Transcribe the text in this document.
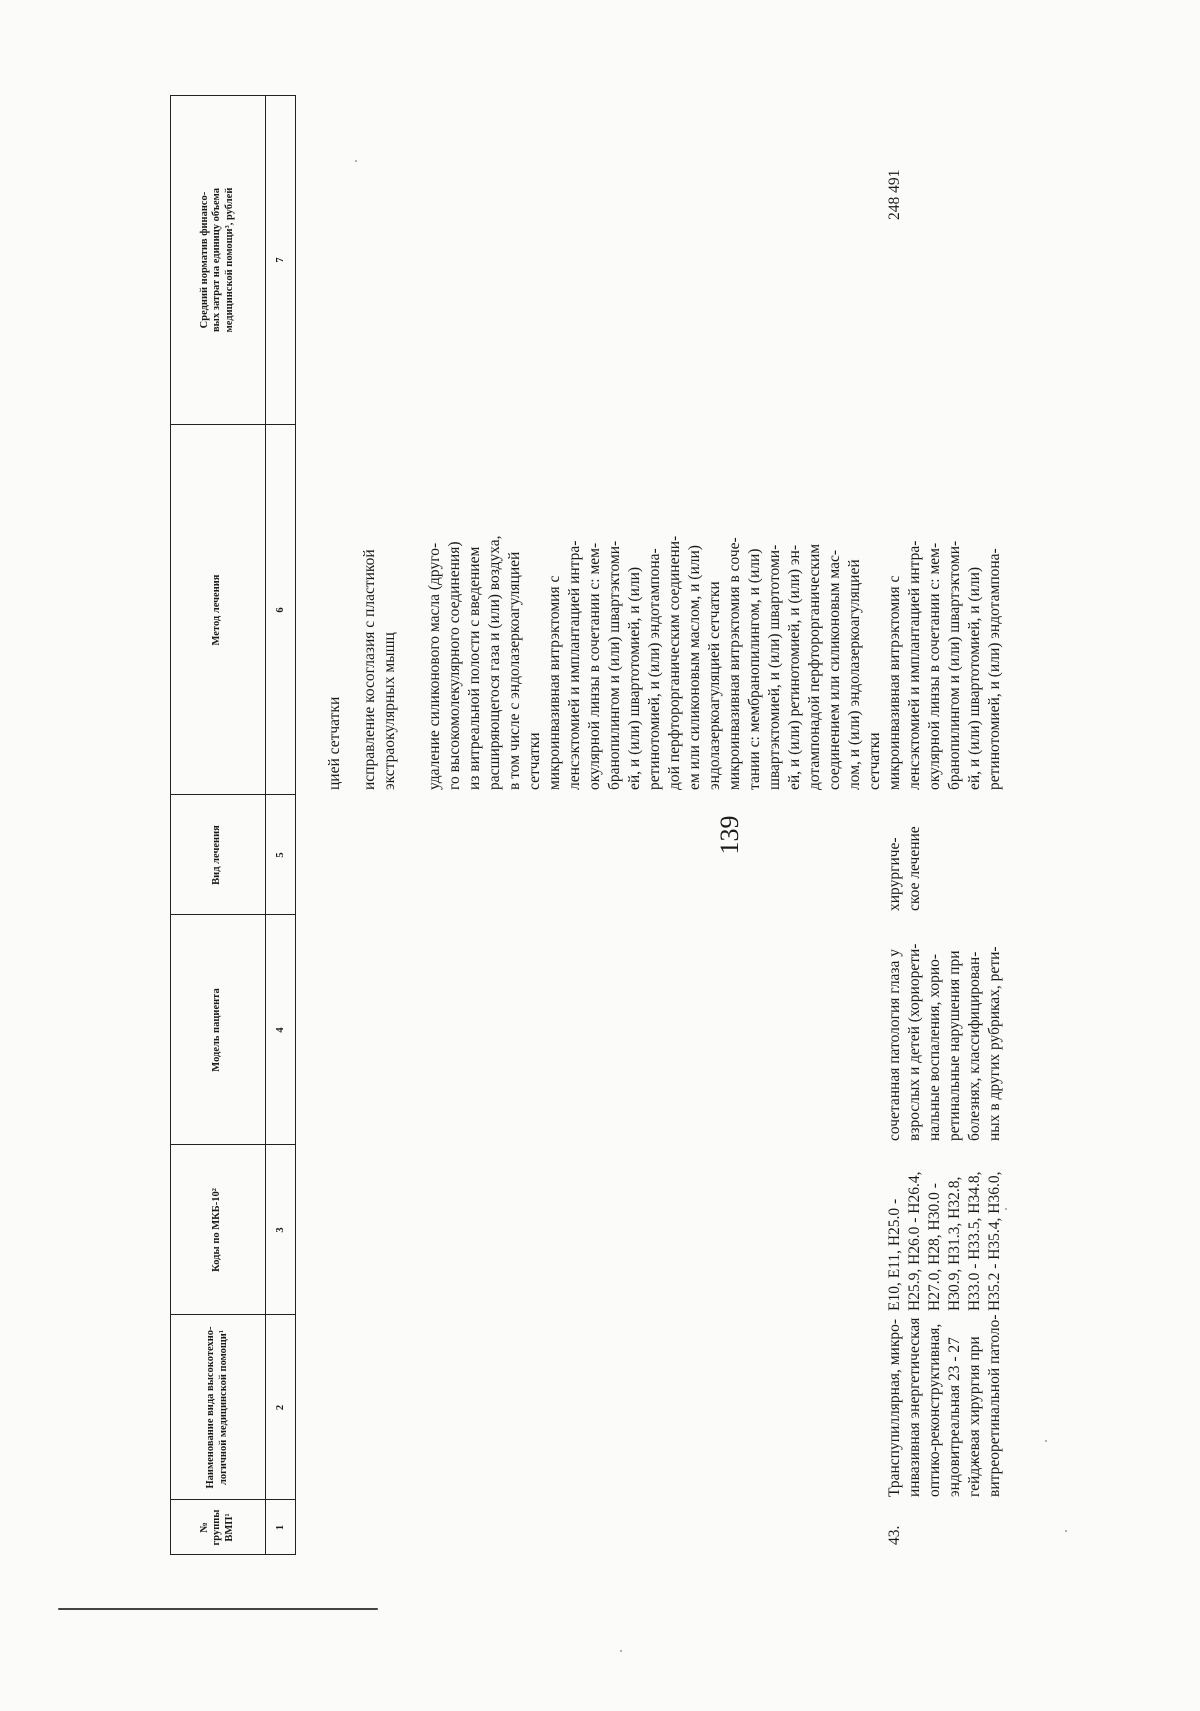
139
№
группы
ВМП¹
Наименование вида высокотехно-
логичной медицинской помощи¹
Коды по МКБ-10²
Модель пациента
Вид лечения
Метод лечения
Средний норматив финансо-
вых затрат на единицу объема
медицинской помощи³, рублей
1
2
3
4
5
6
7
цией сетчатки исправление косоглазия с пластикой
экстраокулярных мышц
удаление силиконового масла (друго-
го высокомолекулярного соединения)
из витреальной полости с введением
расширяющегося газа и (или) воздуха,
в том числе с эндолазеркоагуляцией
сетчатки микроинвазивная витрэктомия с
ленсэктомией и имплантацией интра-
окулярной линзы в сочетании с: мем-
бранопилингом и (или) швартэктоми-
ей, и (или) швартотомией, и (или)
ретинотомией, и (или) эндотампона-
дой перфторорганическим соединени-
ем или силиконовым маслом, и (или)
эндолазеркоагуляцией сетчатки
микроинвазивная витрэктомия в соче-
тании с: мембранопилингом, и (или)
швартэктомией, и (или) швартотоми-
ей, и (или) ретинотомией, и (или) эн-
дотампонадой перфторорганическим
соединением или силиконовым мас-
лом, и (или) эндолазеркоагуляцией
сетчатки
43.
Транспупиллярная, микро-
инвазивная энергетическая
оптико-реконструктивная,
эндовитреальная 23 - 27
гейджевая хирургия при
витреоретинальной патоло-
E10, E11, H25.0 -
H25.9, H26.0 - H26.4,
H27.0, H28, H30.0 -
H30.9, H31.3, H32.8,
H33.0 - H33.5, H34.8,
H35.2 - H35.4, H36.0,
сочетанная патология глаза у
взрослых и детей (хориорети-
нальные воспаления, хорио-
ретинальные нарушения при
болезнях, классифицирован-
ных в других рубриках, рети-
хирургиче-
ское лечение
микроинвазивная витрэктомия с
ленсэктомией и имплантацией интра-
окулярной линзы в сочетании с: мем-
бранопилингом и (или) швартэктоми-
ей, и (или) швартотомией, и (или)
ретинотомией, и (или) эндотампона-
248 491
